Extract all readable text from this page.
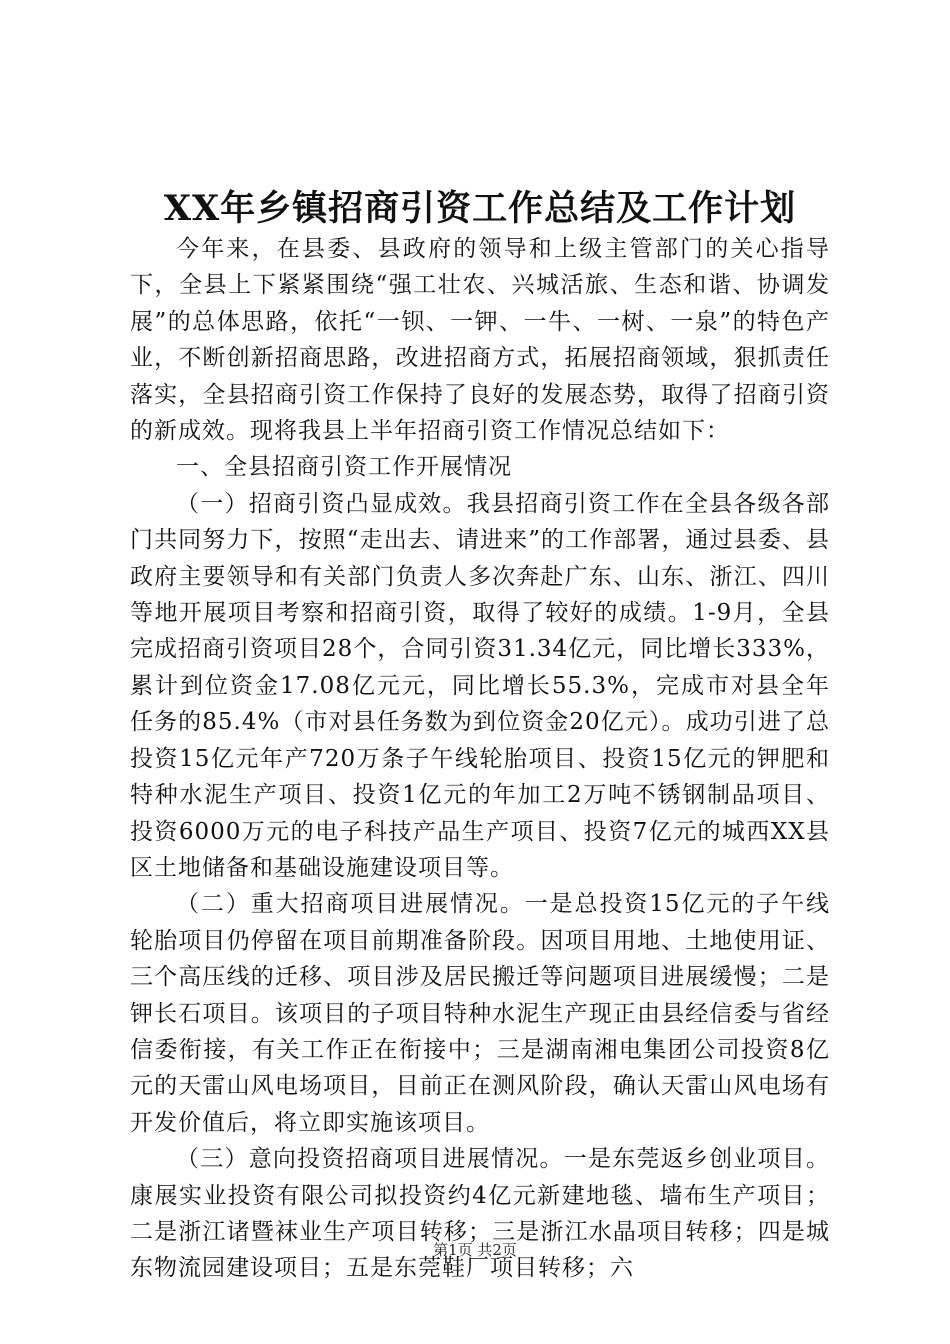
XX年乡镇招商引资工作总结及工作计划

今年来，在县委、县政府的领导和上级主管部门的关心指导下，全县上下紧紧围绕“强工壮农、兴城活旅、生态和谐、协调发展”的总体思路，依托“一钡、一钾、一牛、一树、一泉”的特色产业，不断创新招商思路，改进招商方式，拓展招商领域，狠抓责任落实，全县招商引资工作保持了良好的发展态势，取得了招商引资的新成效。现将我县上半年招商引资工作情况总结如下：

一、全县招商引资工作开展情况

（一）招商引资凸显成效。我县招商引资工作在全县各级各部门共同努力下，按照“走出去、请进来”的工作部署，通过县委、县政府主要领导和有关部门负责人多次奔赴广东、山东、浙江、四川等地开展项目考察和招商引资，取得了较好的成绩。1-9月，全县完成招商引资项目28个，合同引资31.34亿元，同比增长333%，累计到位资金17.08亿元元，同比增长55.3%，完成市对县全年任务的85.4%（市对县任务数为到位资金20亿元）。成功引进了总投资15亿元年产720万条子午线轮胎项目、投资15亿元的钾肥和特种水泥生产项目、投资1亿元的年加工2万吨不锈钢制品项目、投资6000万元的电子科技产品生产项目、投资7亿元的城西XX县区土地储备和基础设施建设项目等。

（二）重大招商项目进展情况。一是总投资15亿元的子午线轮胎项目仍停留在项目前期准备阶段。因项目用地、土地使用证、三个高压线的迁移、项目涉及居民搬迁等问题项目进展缓慢；二是钾长石项目。该项目的子项目特种水泥生产现正由县经信委与省经信委衔接，有关工作正在衔接中；三是湖南湘电集团公司投资8亿元的天雷山风电场项目，目前正在测风阶段，确认天雷山风电场有开发价值后，将立即实施该项目。

（三）意向投资招商项目进展情况。一是东莞返乡创业项目。康展实业投资有限公司拟投资约4亿元新建地毯、墙布生产项目；二是浙江诸暨袜业生产项目转移；三是浙江水晶项目转移；四是城东物流园建设项目；五是东莞鞋厂项目转移；六

第1页 共2页
